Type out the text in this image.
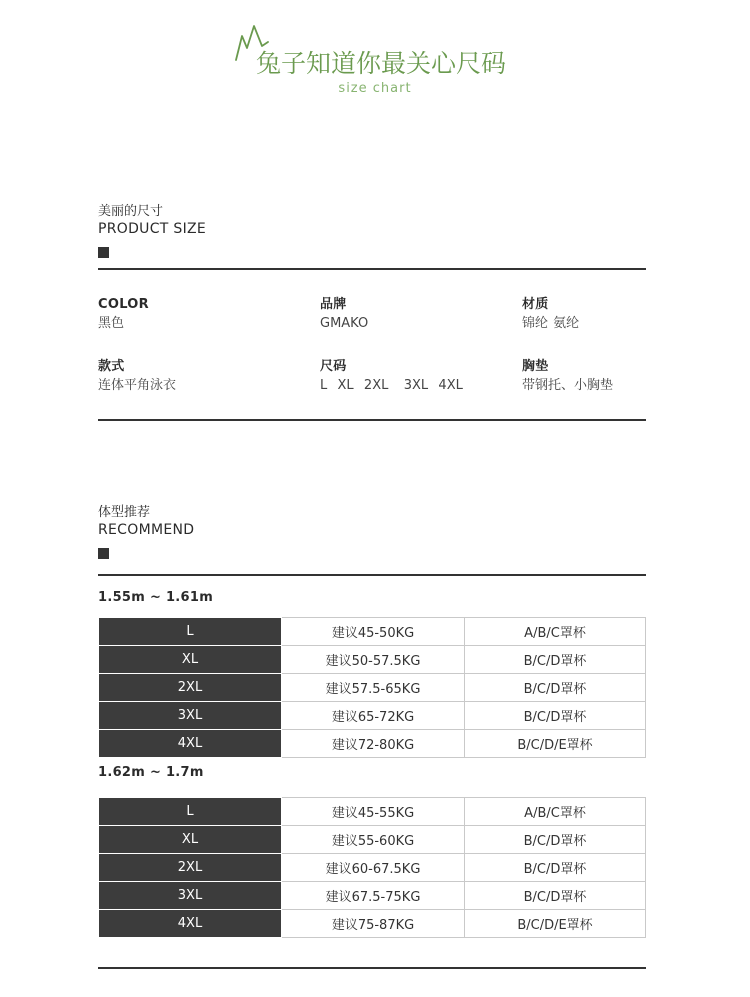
兔子知道你最关心尺码
size chart
美丽的尺寸
PRODUCT SIZE
COLOR
黑色
品牌
GMAKO
材质
锦纶 氨纶
款式
连体平角泳衣
尺码
L  XL  2XL   3XL  4XL
胸垫
带钢托、小胸垫
体型推荐
RECOMMEND
1.55m ~ 1.61m
L	建议45-50KG	A/B/C罩杯
XL	建议50-57.5KG	B/C/D罩杯
2XL	建议57.5-65KG	B/C/D罩杯
3XL	建议65-72KG	B/C/D罩杯
4XL	建议72-80KG	B/C/D/E罩杯
1.62m ~ 1.7m
L	建议45-55KG	A/B/C罩杯
XL	建议55-60KG	B/C/D罩杯
2XL	建议60-67.5KG	B/C/D罩杯
3XL	建议67.5-75KG	B/C/D罩杯
4XL	建议75-87KG	B/C/D/E罩杯
